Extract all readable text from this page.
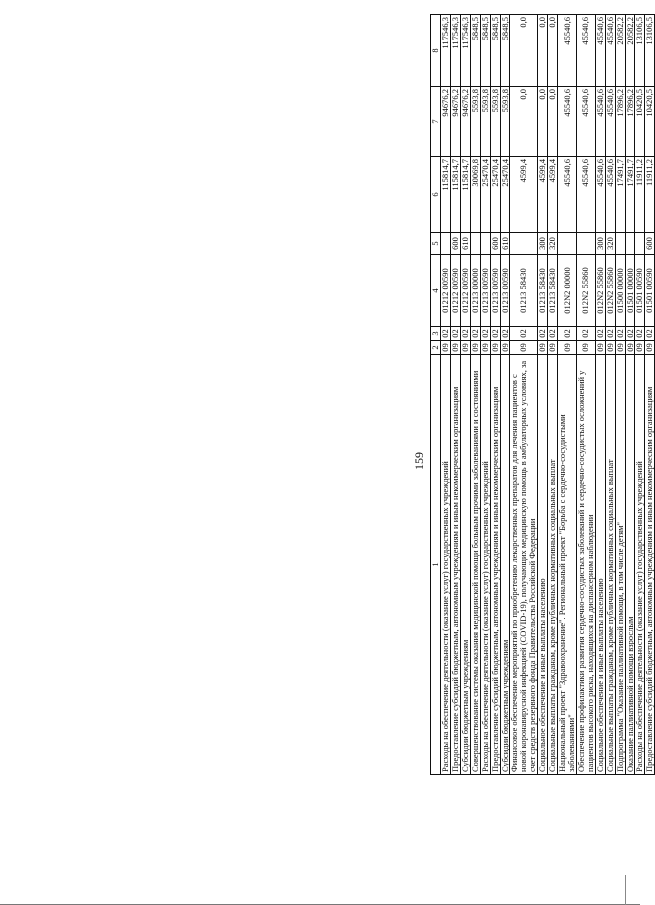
159
1	2	3	4	5	6	7	8
Расходы на обеспечение деятельности (оказание услуг) государственных учреждений	09	02	01212 00590		115814,7	94676,2	117546,3
Предоставление субсидий бюджетным, автономным учреждениям и иным некоммерческим организациям	09	02	01212 00590	600	115814,7	94676,2	117546,3
Субсидии бюджетным учреждениям	09	02	01212 00590	610	115814,7	94676,2	117546,3
Совершенствование системы оказания медицинской помощи больным прочими заболеваниями и состояниями	09	02	01213 00000		30069,8	5593,8	5848,5
Расходы на обеспечение деятельности (оказание услуг) государственных учреждений	09	02	01213 00590		25470,4	5593,8	5848,5
Предоставление субсидий бюджетным, автономным учреждениям и иным некоммерческим организациям	09	02	01213 00590	600	25470,4	5593,8	5848,5
Субсидии бюджетным учреждениям	09	02	01213 00590	610	25470,4	5593,8	5848,5
Финансовое обеспечение мероприятий по приобретению лекарственных препаратов для лечения пациентов с новой коронавирусной инфекцией (COVID-19), получающих медицинскую помощь в амбулаторных условиях, за счет средств резервного фонда Правительства Российской Федерации	09	02	01213 58430		4599,4	0,0	0,0
Социальное обеспечение и иные выплаты населению	09	02	01213 58430	300	4599,4	0,0	0,0
Социальные выплаты гражданам, кроме публичных нормативных социальных выплат	09	02	01213 58430	320	4599,4	0,0	0,0
Национальный проект "Здравоохранение". Региональный проект "Борьба с сердечно-сосудистыми заболеваниями"	09	02	012N2 00000		45540,6	45540,6	45540,6
Обеспечение профилактики развития сердечно-сосудистых заболеваний и сердечно-сосудистых осложнений у пациентов высокого риска, находящихся на диспансерном наблюдении	09	02	012N2 55860		45540,6	45540,6	45540,6
Социальное обеспечение и иные выплаты населению	09	02	012N2 55860	300	45540,6	45540,6	45540,6
Социальные выплаты гражданам, кроме публичных нормативных социальных выплат	09	02	012N2 55860	320	45540,6	45540,6	45540,6
Подпрограмма "Оказание паллиативной помощи, в том числе детям"	09	02	01500 00000		17491,7	17896,2	20582,2
Оказание паллиативной помощи взрослым	09	02	01501 00000		17491,7	17896,2	20582,2
Расходы на обеспечение деятельности (оказание услуг) государственных учреждений	09	02	01501 00590		11911,2	10420,5	13106,5
Предоставление субсидий бюджетным, автономным учреждениям и иным некоммерческим организациям	09	02	01501 00590	600	11911,2	10420,5	13106,5
